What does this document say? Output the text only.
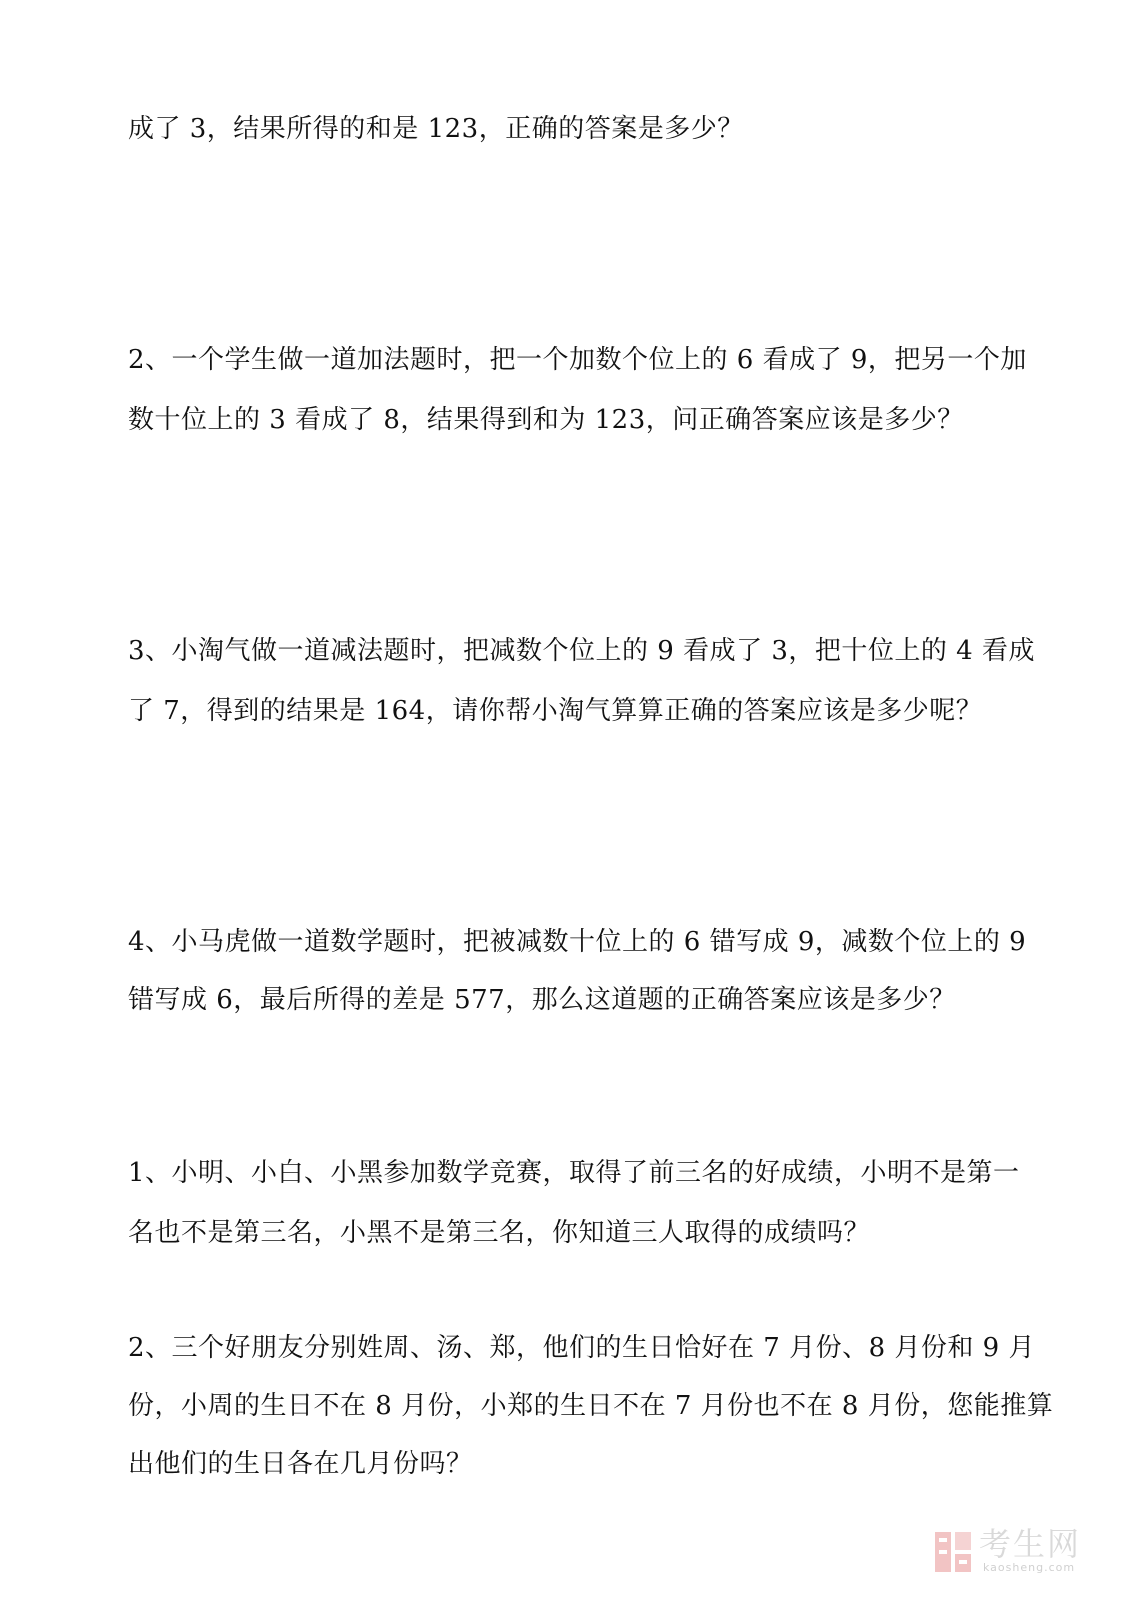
成了 3，结果所得的和是 123，正确的答案是多少？
2、一个学生做一道加法题时，把一个加数个位上的 6 看成了 9，把另一个加
数十位上的 3 看成了 8，结果得到和为 123，问正确答案应该是多少？
3、小淘气做一道减法题时，把减数个位上的 9 看成了 3，把十位上的 4 看成
了 7，得到的结果是 164，请你帮小淘气算算正确的答案应该是多少呢？
4、小马虎做一道数学题时，把被减数十位上的 6 错写成 9，减数个位上的 9
错写成 6，最后所得的差是 577，那么这道题的正确答案应该是多少？
1、小明、小白、小黑参加数学竞赛，取得了前三名的好成绩，小明不是第一
名也不是第三名，小黑不是第三名，你知道三人取得的成绩吗？
2、三个好朋友分别姓周、汤、郑，他们的生日恰好在 7 月份、8 月份和 9 月
份，小周的生日不在 8 月份，小郑的生日不在 7 月份也不在 8 月份，您能推算
出他们的生日各在几月份吗？
考生网
kaosheng.com
